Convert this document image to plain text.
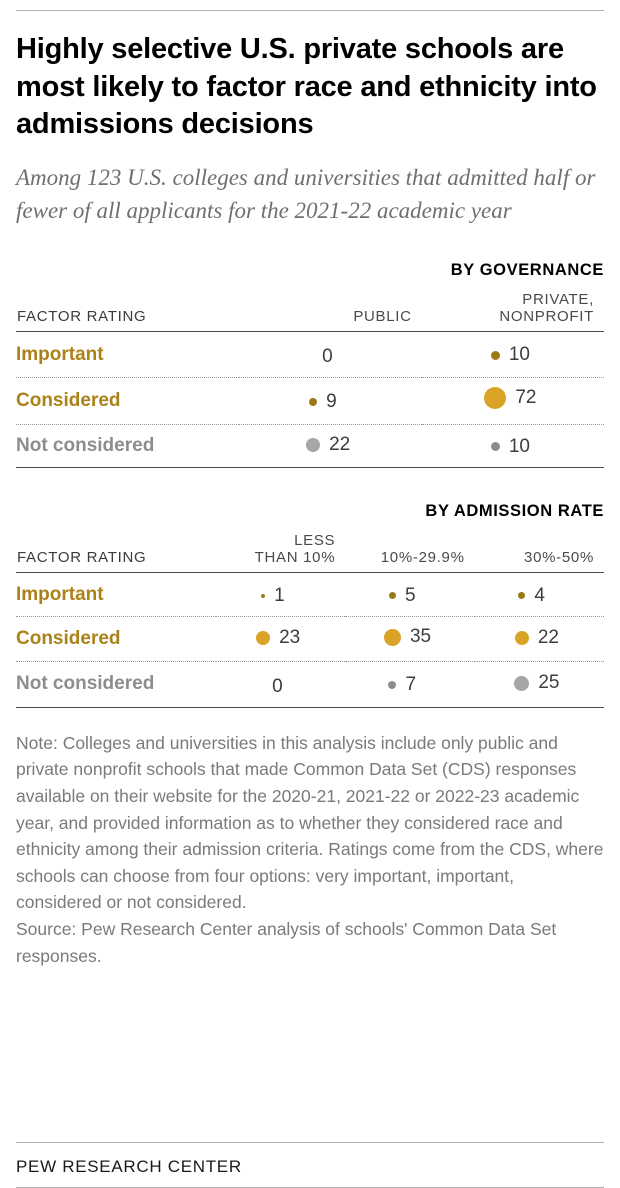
Highly selective U.S. private schools are most likely to factor race and ethnicity into admissions decisions
Among 123 U.S. colleges and universities that admitted half or fewer of all applicants for the 2021-22 academic year
BY GOVERNANCE
FACTOR RATING	PUBLIC	PRIVATE,
NONPROFIT

Important	0	10

Considered	9	72

Not considered	22	10
BY ADMISSION RATE
FACTOR RATING	LESS
THAN 10%	10%-29.9%	30%-50%

Important	1	5	4

Considered	23	35	22

Not considered	0	7	25

Note: Colleges and universities in this analysis include only public and private nonprofit schools that made Common Data Set (CDS) responses available on their website for the 2020-21, 2021-22 or 2022-23 academic year, and provided information as to whether they considered race and ethnicity among their admission criteria. Ratings come from the CDS, where schools can choose from four options: very important, important, considered or not considered.

Source: Pew Research Center analysis of schools' Common Data Set responses.

PEW RESEARCH CENTER
